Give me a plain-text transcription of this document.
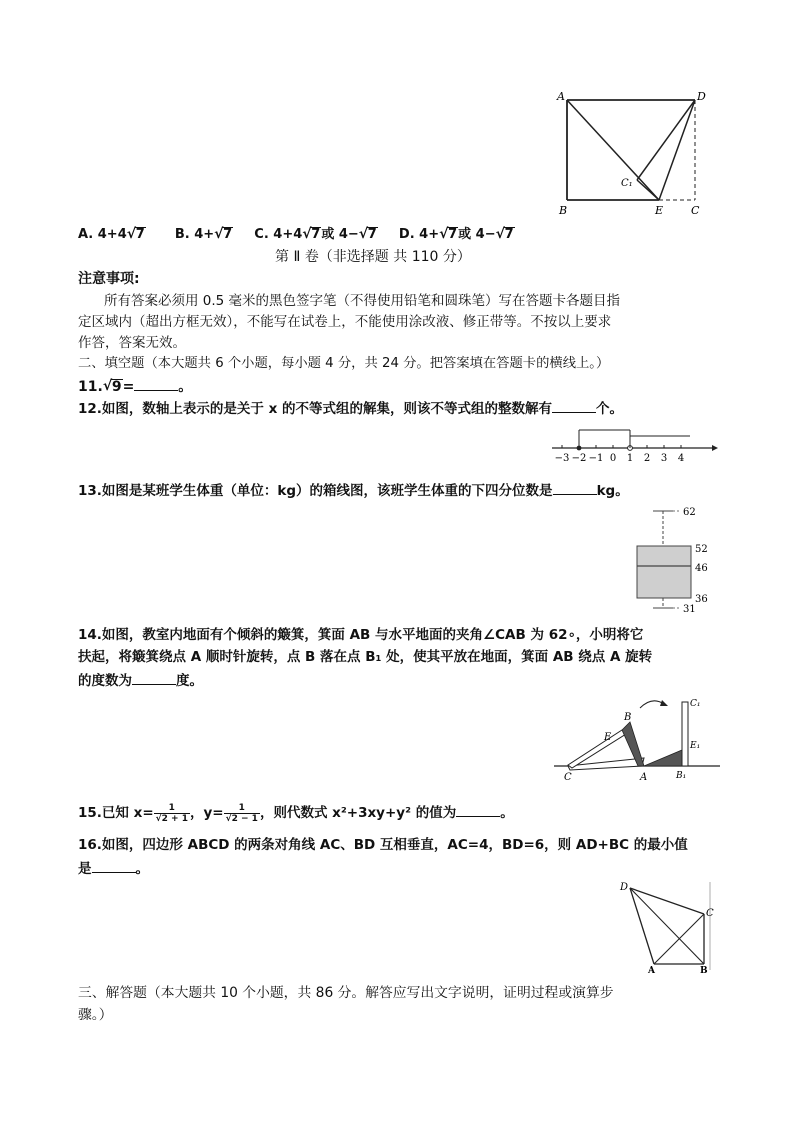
A	D
C₁
B	E	C
A. 4+4 √ 7 B. 4+ √ 7 C. 4+4 √ 7或 4− √ 7 D. 4+ √ 7或 4− √ 7
第 Ⅱ 卷（非选择题 共 110 分）
注意事项:
所有答案必须用 0.5 毫米的黑色签字笔（不得使用铅笔和圆珠笔）写在答题卡各题目指
定区域内（超出方框无效），不能写在试卷上，不能使用涂改液、修正带等。不按以上要求
作答，答案无效。
二、填空题（本大题共 6 个小题，每小题 4 分，共 24 分。把答案填在答题卡的横线上。）
11. √ 9=	。
12.如图，数轴上表示的是关于 x 的不等式组的解集，则该不等式组的整数解有	个。
−3 −2 −1 0 1 2 3 4
13.如图是某班学生体重（单位：kg）的箱线图，该班学生体重的下四分位数是	kg。
62
52
46
36
31
14.如图，教室内地面有个倾斜的簸箕，箕面 AB 与水平地面的夹角∠CAB 为 62∘，小明将它
扶起，将簸箕绕点 A 顺时针旋转，点 B 落在点 B₁ 处，使其平放在地面，箕面 AB 绕点 A 旋转
的度数为	度。
C₁
B
E
E₁
C	A	B₁
15.已知 $x= \frac{1}{√2 + 1}$ ，$y= \frac{1}{√2 - 1}$ ，则代数式 x²+3xy+y² 的值为	。
16.如图，四边形 ABCD 的两条对角线 AC、BD 互相垂直，AC=4，BD=6，则 AD+BC 的最小值
是	。
D
C
A	B
三、解答题（本大题共 10 个小题，共 86 分。解答应写出文字说明，证明过程或演算步
骤。）
